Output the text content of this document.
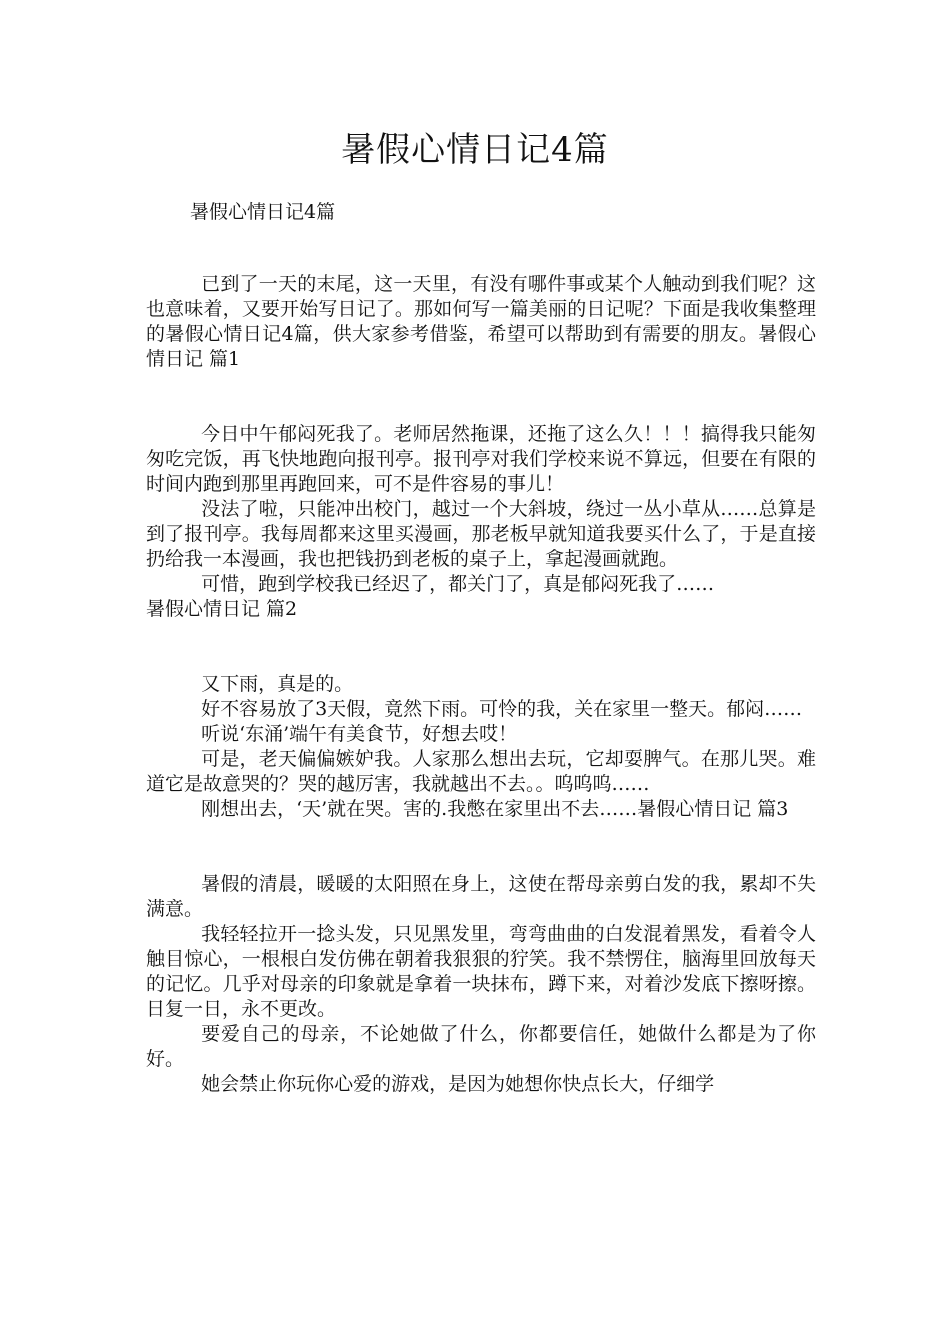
暑假心情日记4篇
暑假心情日记4篇

已到了一天的末尾，这一天里，有没有哪件事或某个人触动到我们呢？这也意味着，又要开始写日记了。那如何写一篇美丽的日记呢？下面是我收集整理的暑假心情日记4篇，供大家参考借鉴，希望可以帮助到有需要的朋友。暑假心情日记 篇1

今日中午郁闷死我了。老师居然拖课，还拖了这么久！！！搞得我只能匆匆吃完饭，再飞快地跑向报刊亭。报刊亭对我们学校来说不算远，但要在有限的时间内跑到那里再跑回来，可不是件容易的事儿！

没法了啦，只能冲出校门，越过一个大斜坡，绕过一丛小草从……总算是到了报刊亭。我每周都来这里买漫画，那老板早就知道我要买什么了，于是直接扔给我一本漫画，我也把钱扔到老板的桌子上，拿起漫画就跑。

可惜，跑到学校我已经迟了，都关门了，真是郁闷死我了……

暑假心情日记 篇2

又下雨，真是的。

好不容易放了3天假，竟然下雨。可怜的我，关在家里一整天。郁闷……

听说‘东涌’端午有美食节，好想去哎！

可是，老天偏偏嫉妒我。人家那么想出去玩，它却耍脾气。在那儿哭。难道它是故意哭的？哭的越厉害，我就越出不去。。呜呜呜……

刚想出去，‘天’就在哭。害的.我憋在家里出不去……暑假心情日记 篇3

暑假的清晨，暖暖的太阳照在身上，这使在帮母亲剪白发的我，累却不失满意。

我轻轻拉开一捻头发，只见黑发里，弯弯曲曲的白发混着黑发，看着令人触目惊心，一根根白发仿佛在朝着我狠狠的狞笑。我不禁愣住，脑海里回放每天的记忆。几乎对母亲的印象就是拿着一块抹布，蹲下来，对着沙发底下擦呀擦。日复一日，永不更改。

要爱自己的母亲，不论她做了什么，你都要信任，她做什么都是为了你好。

她会禁止你玩你心爱的游戏，是因为她想你快点长大，仔细学
